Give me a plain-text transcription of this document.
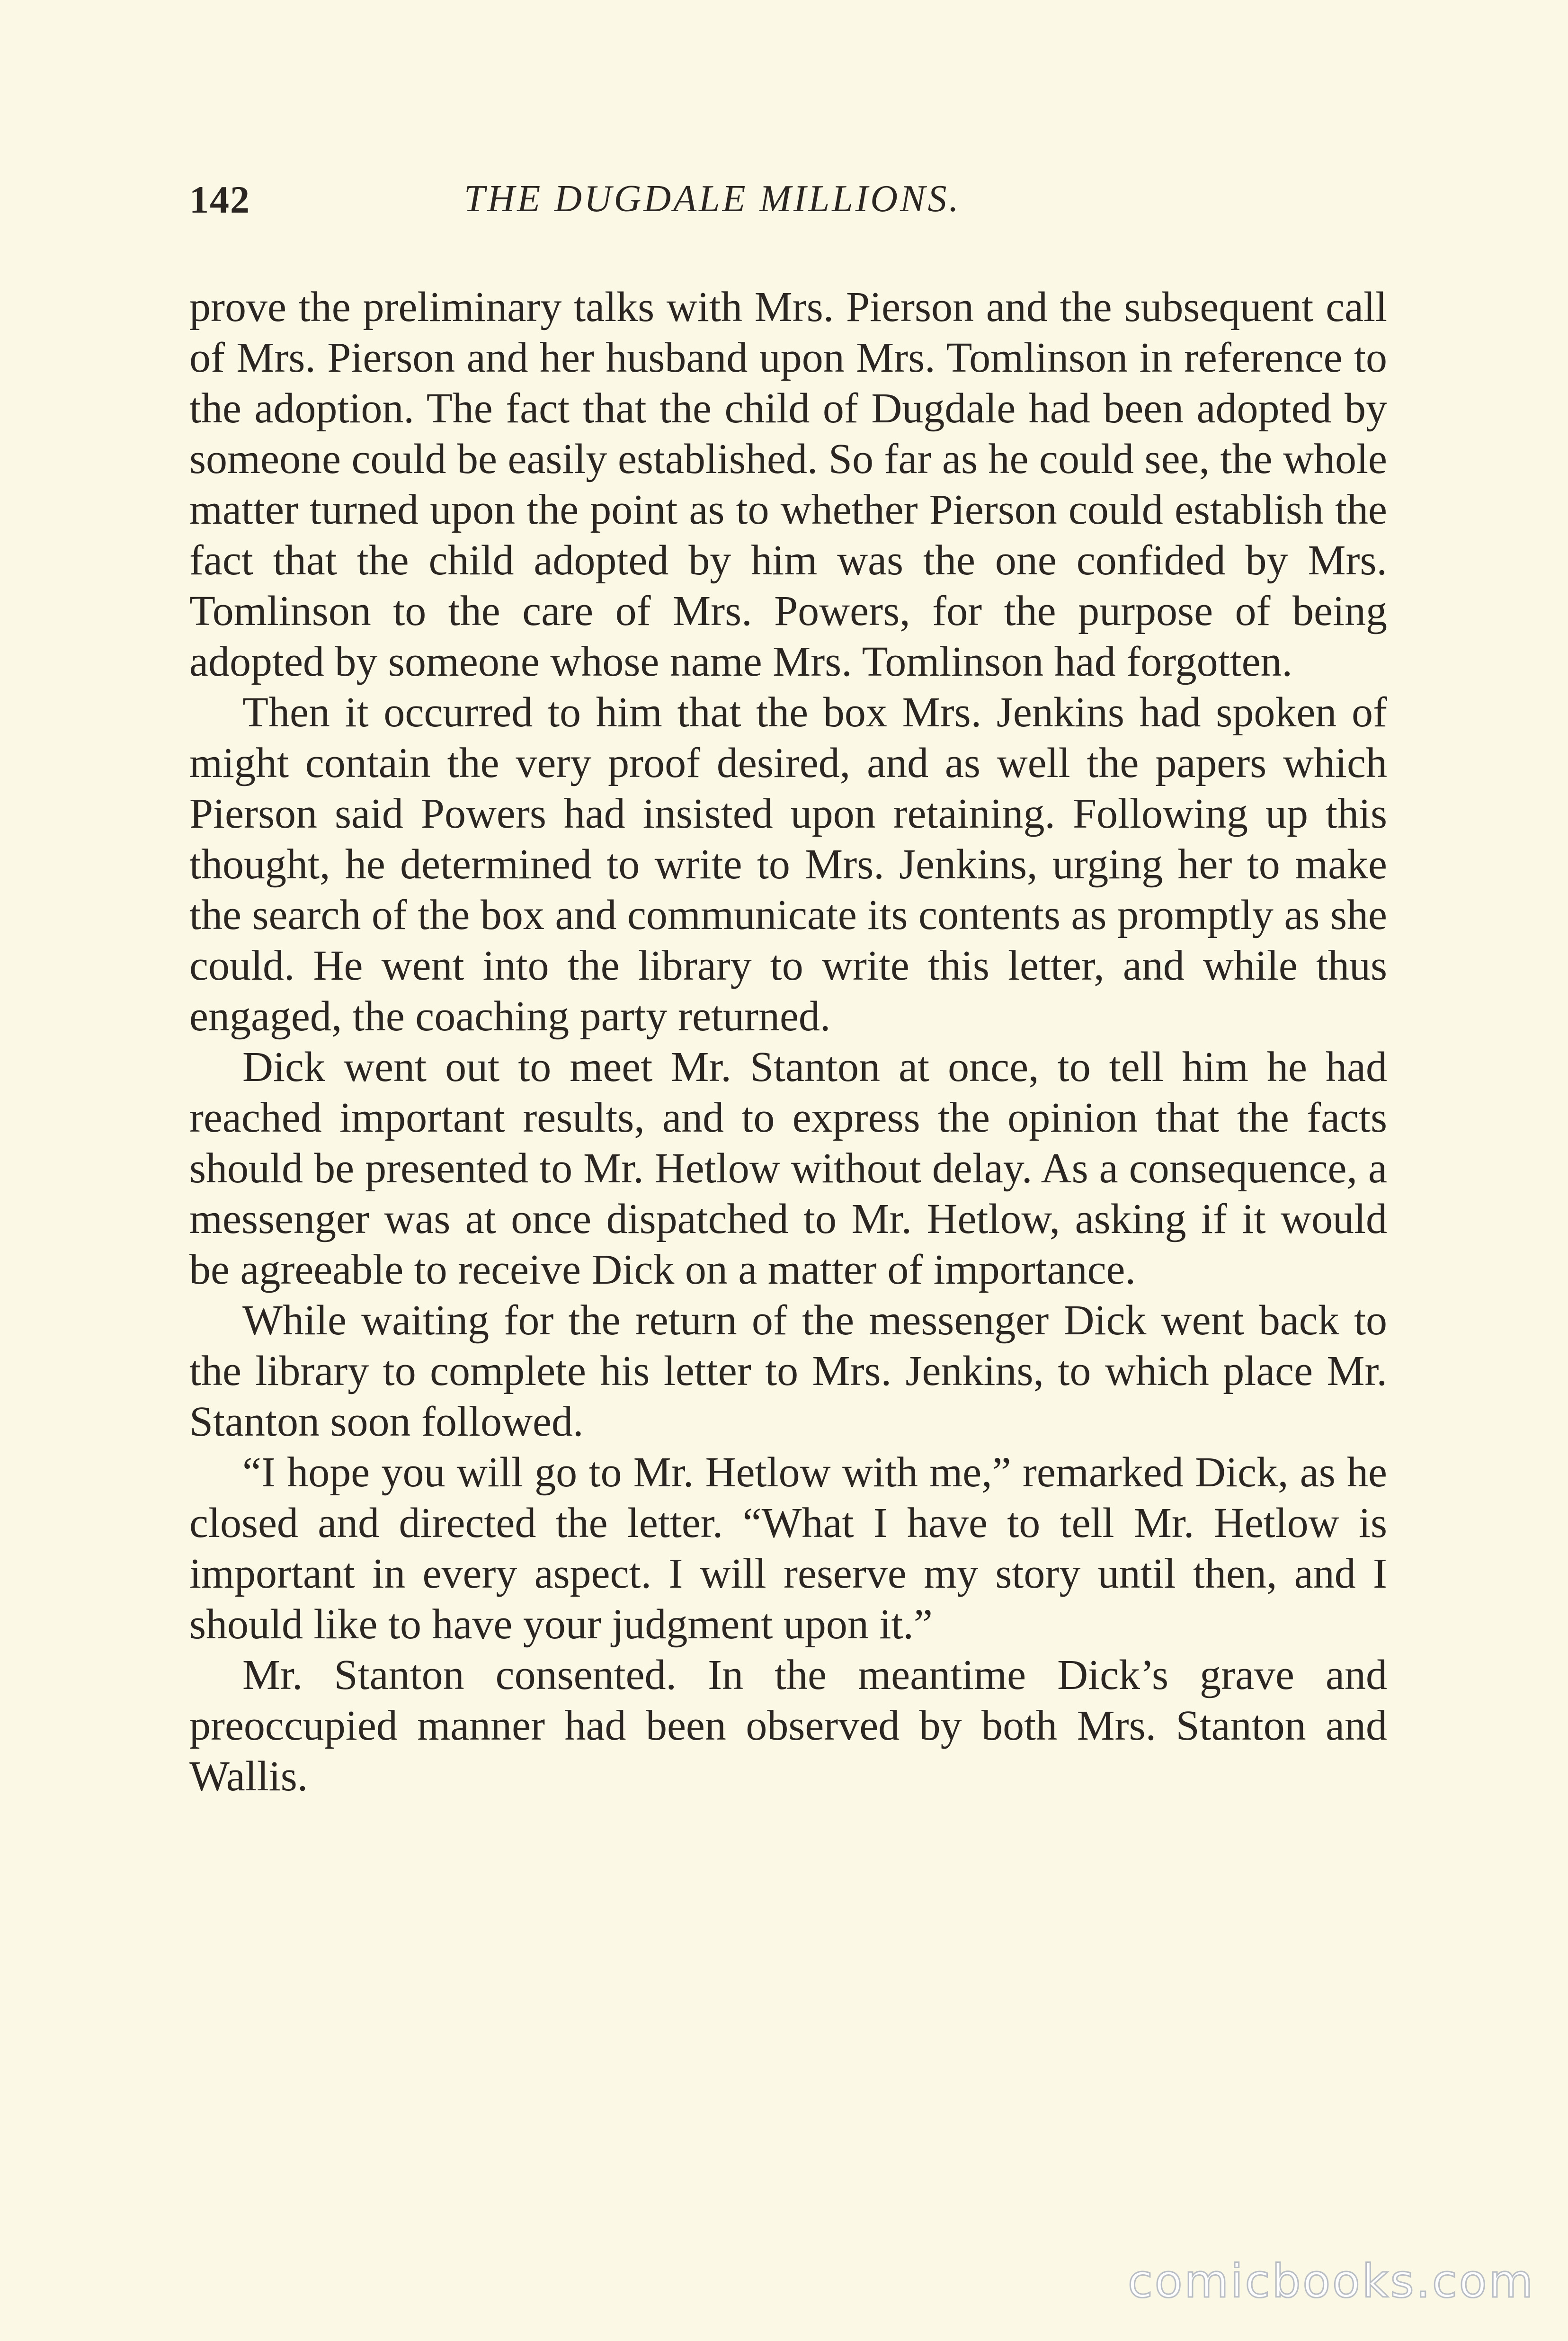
142	THE DUGDALE MILLIONS.

prove the preliminary talks with Mrs. Pierson and the subsequent call of Mrs. Pierson and her husband upon Mrs. Tomlinson in reference to the adoption. The fact that the child of Dugdale had been adopted by someone could be easily established. So far as he could see, the whole matter turned upon the point as to whether Pierson could establish the fact that the child adopted by him was the one confided by Mrs. Tomlinson to the care of Mrs. Powers, for the purpose of being adopted by someone whose name Mrs. Tomlinson had forgotten.

Then it occurred to him that the box Mrs. Jenkins had spoken of might contain the very proof desired, and as well the papers which Pierson said Powers had insisted upon retaining. Following up this thought, he determined to write to Mrs. Jenkins, urging her to make the search of the box and communicate its contents as promptly as she could. He went into the library to write this letter, and while thus engaged, the coaching party returned.

Dick went out to meet Mr. Stanton at once, to tell him he had reached important results, and to express the opinion that the facts should be presented to Mr. Hetlow without delay. As a consequence, a messenger was at once dispatched to Mr. Hetlow, asking if it would be agreeable to receive Dick on a matter of importance.

While waiting for the return of the messenger Dick went back to the library to complete his letter to Mrs. Jenkins, to which place Mr. Stanton soon followed.

“I hope you will go to Mr. Hetlow with me,” remarked Dick, as he closed and directed the letter. “What I have to tell Mr. Hetlow is important in every aspect. I will reserve my story until then, and I should like to have your judgment upon it.”

Mr. Stanton consented. In the meantime Dick’s grave and preoccupied manner had been observed by both Mrs. Stanton and Wallis.

comicbooks.com
